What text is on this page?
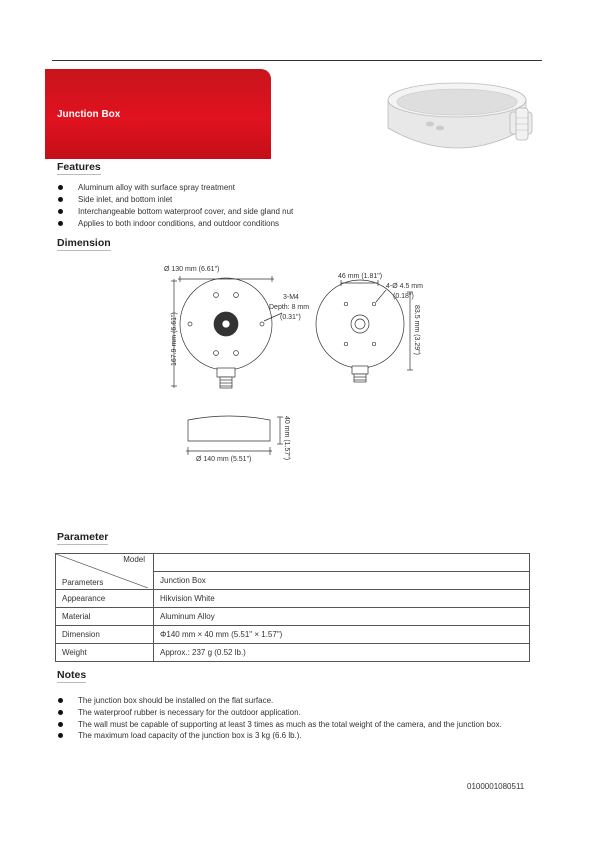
Junction Box
Features
Aluminum alloy with surface spray treatment
Side inlet, and bottom inlet
Interchangeable bottom waterproof cover, and side gland nut
Applies to both indoor conditions, and outdoor conditions
Dimension
Ø 130 mm (6.61")
167.9 mm (6.61")
3-M4
Depth: 8 mm
(0.31")
46 mm (1.81")
4-Ø 4.5 mm
(0.18")
83.5 mm (3.29")
Ø 140 mm (5.51")	40 mm (1.57")
Parameter
Model
Parameters	

	Junction Box
Appearance	Hikvision White
Material	Aluminum Alloy
Dimension	Φ140 mm × 40 mm (5.51" × 1.57")
Weight	Approx.: 237 g (0.52 lb.)
Notes
The junction box should be installed on the flat surface.
The waterproof rubber is necessary for the outdoor application.
The wall must be capable of supporting at least 3 times as much as the total weight of the camera, and the junction box.
The maximum load capacity of the junction box is 3 kg (6.6 lb.).
0100001080511
